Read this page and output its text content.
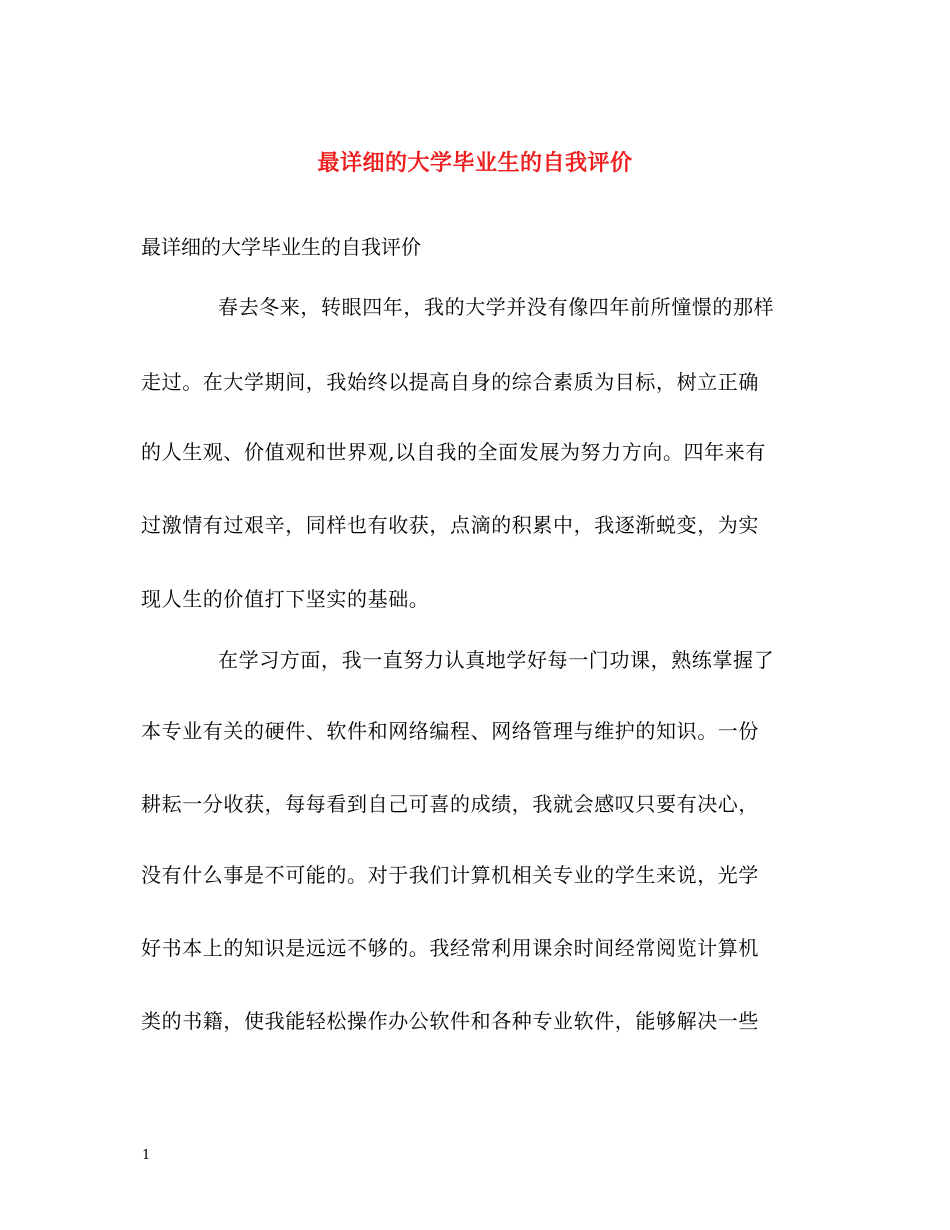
最详细的大学毕业生的自我评价
最详细的大学毕业生的自我评价
春去冬来，转眼四年，我的大学并没有像四年前所憧憬的那样
走过。在大学期间，我始终以提高自身的综合素质为目标，树立正确
的人生观、价值观和世界观,以自我的全面发展为努力方向。四年来有
过激情有过艰辛，同样也有收获，点滴的积累中，我逐渐蜕变，为实
现人生的价值打下坚实的基础。
在学习方面，我一直努力认真地学好每一门功课，熟练掌握了
本专业有关的硬件、软件和网络编程、网络管理与维护的知识。一份
耕耘一分收获，每每看到自己可喜的成绩，我就会感叹只要有决心，
没有什么事是不可能的。对于我们计算机相关专业的学生来说，光学
好书本上的知识是远远不够的。我经常利用课余时间经常阅览计算机
类的书籍，使我能轻松操作办公软件和各种专业软件，能够解决一些
1
